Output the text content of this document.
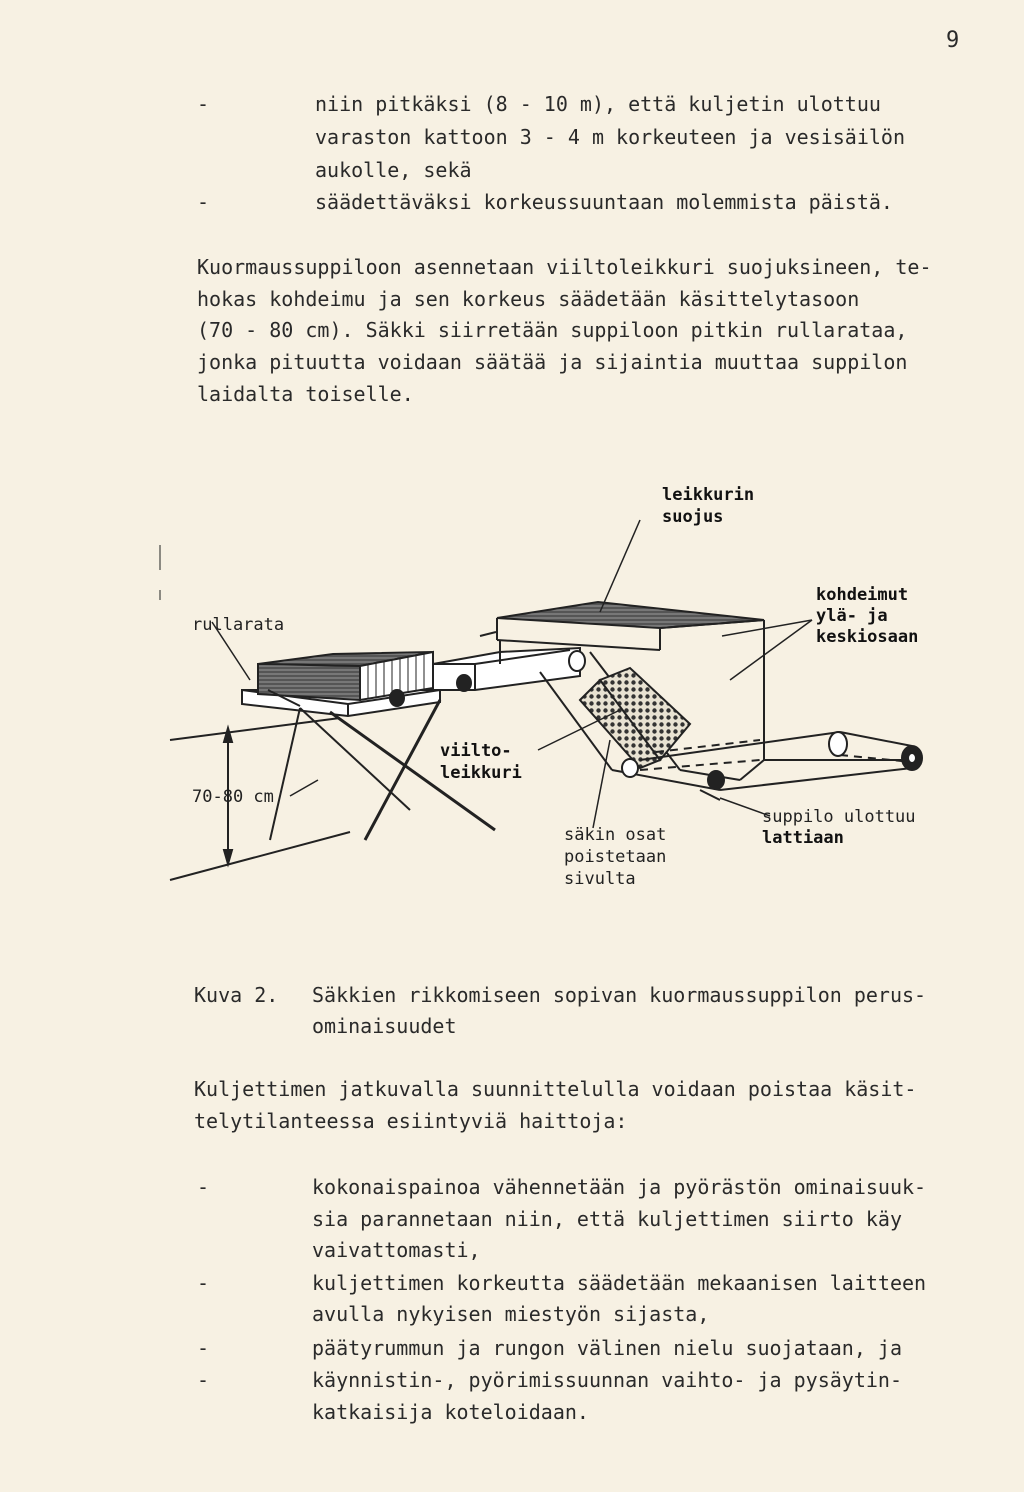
9
-	niin pitkäksi (8 - 10 m), että kuljetin ulottuu
varaston kattoon 3 - 4 m korkeuteen ja vesisäilön
aukolle, sekä
-	säädettäväksi korkeussuuntaan molemmista päistä.
Kuormaussuppiloon asennetaan viiltoleikkuri suojuksineen, te-
hokas kohdeimu ja sen korkeus säädetään käsittelytasoon
(70 - 80 cm). Säkki siirretään suppiloon pitkin rullarataa,
jonka pituutta voidaan säätää ja sijaintia muuttaa suppilon
laidalta toiselle.
leikkurin
suojus
kohdeimut
ylä- ja
keskiosaan
rullarata
viilto-
leikkuri
70-80 cm
säkin osat
poistetaan
sivulta
suppilo ulottuu
lattiaan
Kuva 2. Säkkien rikkomiseen sopivan kuormaussuppilon perus-
ominaisuudet
Kuljettimen jatkuvalla suunnittelulla voidaan poistaa käsit-
telytilanteessa esiintyviä haittoja:
-	kokonaispainoa vähennetään ja pyörästön ominaisuuk-
sia parannetaan niin, että kuljettimen siirto käy
vaivattomasti,
-	kuljettimen korkeutta säädetään mekaanisen laitteen
avulla nykyisen miestyön sijasta,
-	päätyrummun ja rungon välinen nielu suojataan, ja
-	käynnistin-, pyörimissuunnan vaihto- ja pysäytin-
katkaisija koteloidaan.
